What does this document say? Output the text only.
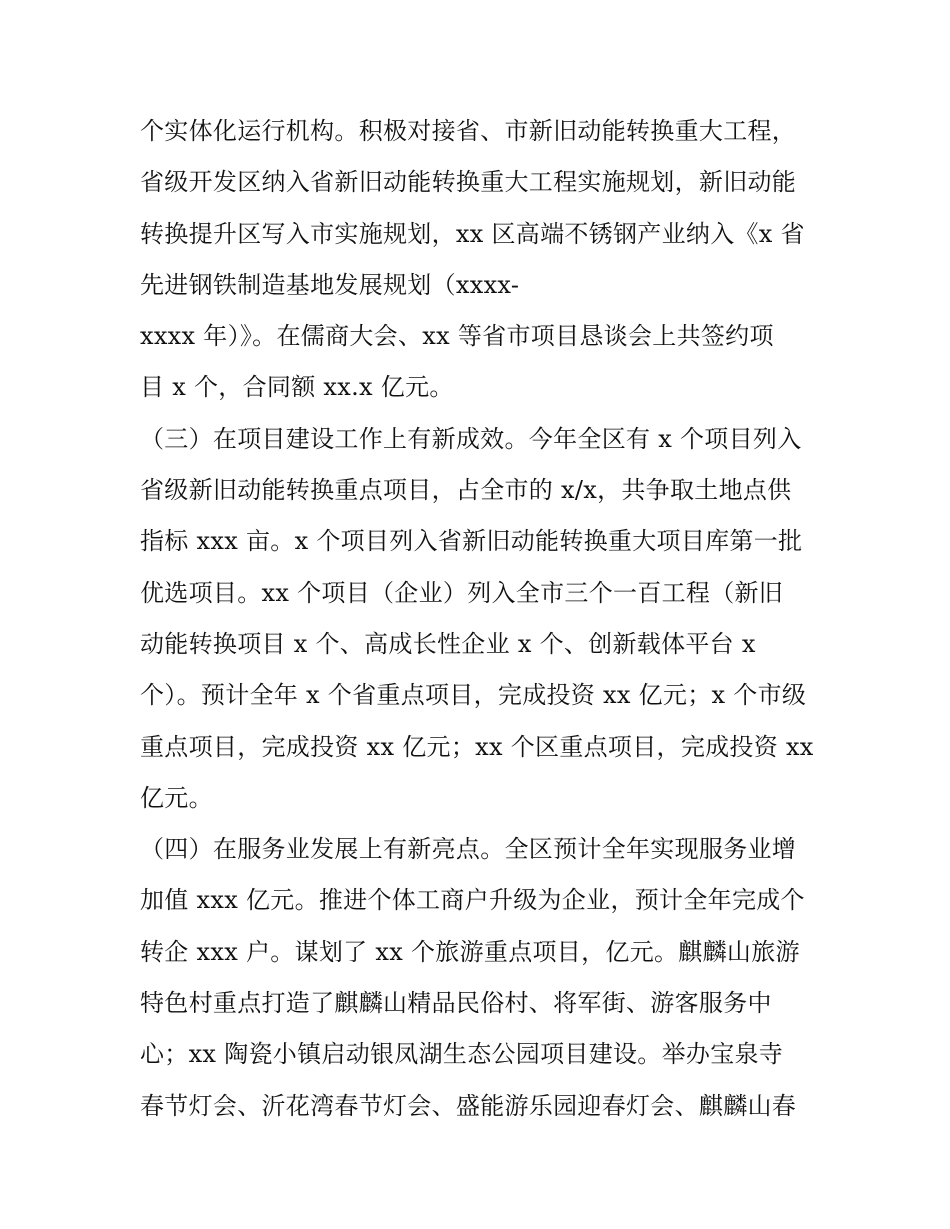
个实体化运行机构。积极对接省、市新旧动能转换重大工程，
省级开发区纳入省新旧动能转换重大工程实施规划，新旧动能
转换提升区写入市实施规划，xx 区高端不锈钢产业纳入《x 省
先进钢铁制造基地发展规划（xxxx-
xxxx 年）》。在儒商大会、xx 等省市项目恳谈会上共签约项
目 x 个，合同额 xx.x 亿元。
（三）在项目建设工作上有新成效。今年全区有 x 个项目列入
省级新旧动能转换重点项目，占全市的 x/x，共争取土地点供
指标 xxx 亩。x 个项目列入省新旧动能转换重大项目库第一批
优选项目。xx 个项目（企业）列入全市三个一百工程（新旧
动能转换项目 x 个、高成长性企业 x 个、创新载体平台 x
个）。预计全年 x 个省重点项目，完成投资 xx 亿元；x 个市级
重点项目，完成投资 xx 亿元；xx 个区重点项目，完成投资 xx
亿元。
（四）在服务业发展上有新亮点。全区预计全年实现服务业增
加值 xxx 亿元。推进个体工商户升级为企业，预计全年完成个
转企 xxx 户。谋划了 xx 个旅游重点项目，亿元。麒麟山旅游
特色村重点打造了麒麟山精品民俗村、将军街、游客服务中
心；xx 陶瓷小镇启动银凤湖生态公园项目建设。举办宝泉寺
春节灯会、沂花湾春节灯会、盛能游乐园迎春灯会、麒麟山春
